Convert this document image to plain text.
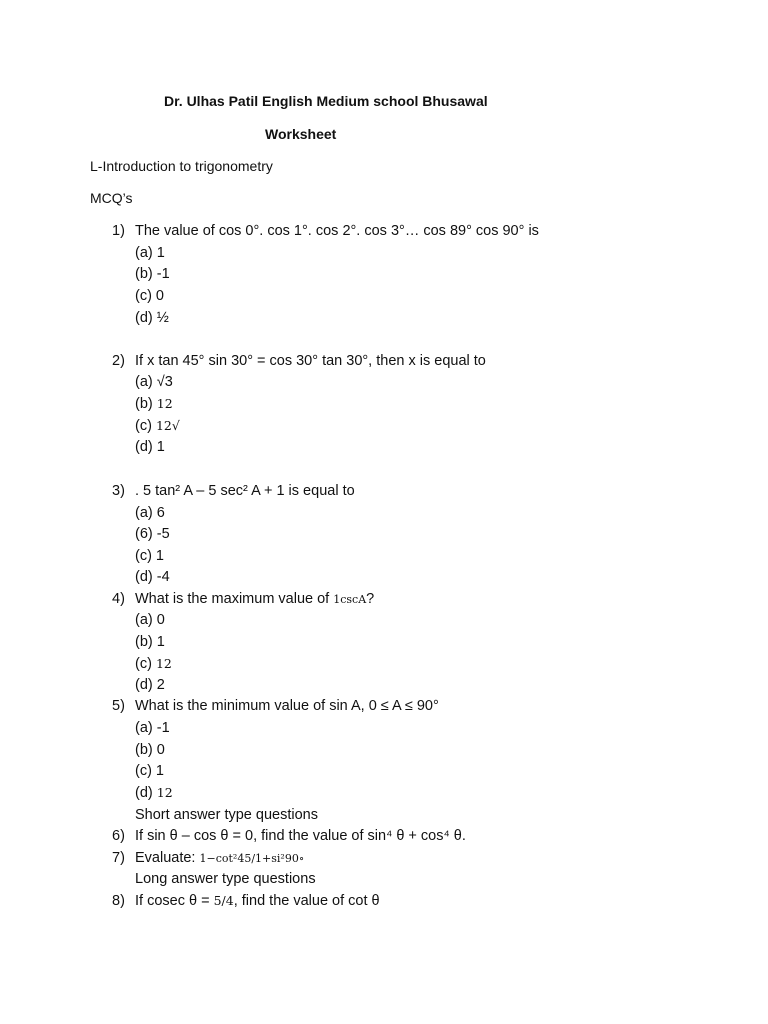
Dr. Ulhas Patil English Medium school Bhusawal
Worksheet
L-Introduction to trigonometry
MCQ’s
1) The value of cos 0°. cos 1°. cos 2°. cos 3°… cos 89° cos 90° is
(a) 1
(b) -1
(c) 0
(d) ½
2) If x tan 45° sin 30° = cos 30° tan 30°, then x is equal to
(a) √3
(b) 12
(c) 12√
(d) 1
3) . 5 tan² A – 5 sec² A + 1 is equal to
(a) 6
(6) -5
(c) 1
(d) -4
4) What is the maximum value of 1cscA?
(a) 0
(b) 1
(c) 12
(d) 2
5) What is the minimum value of sin A, 0 ≤ A ≤ 90°
(a) -1
(b) 0
(c) 1
(d) 12
Short answer type questions
6) If sin θ – cos θ = 0, find the value of sin⁴ θ + cos⁴ θ.
7) Evaluate: 1−cot²45/1+si²90∘
Long answer type questions
8) If cosec θ = 5/4, find the value of cot θ
